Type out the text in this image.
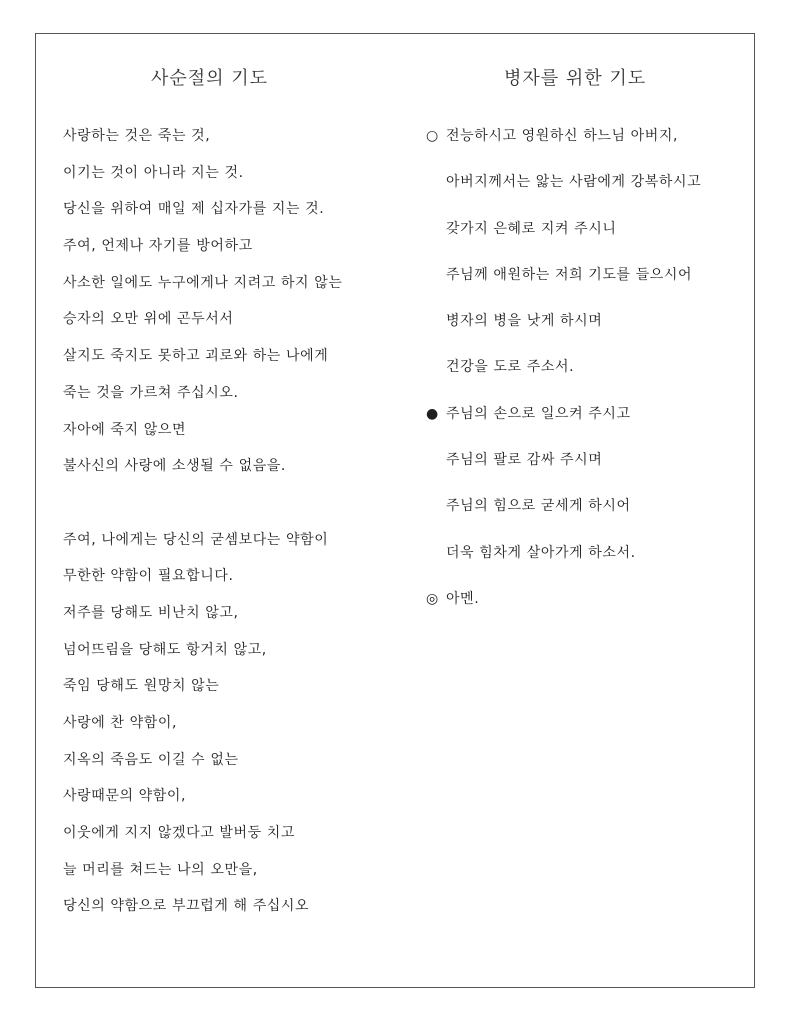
사순절의 기도
사랑하는 것은 죽는 것,
이기는 것이 아니라 지는 것.
당신을 위하여 매일 제 십자가를 지는 것.
주여, 언제나 자기를 방어하고
사소한 일에도 누구에게나 지려고 하지 않는
승자의 오만 위에 곤두서서
살지도 죽지도 못하고 괴로와 하는 나에게
죽는 것을 가르쳐 주십시오.
자아에 죽지 않으면
불사신의 사랑에 소생될 수 없음을.
주여, 나에게는 당신의 굳셈보다는 약함이
무한한 약함이 필요합니다.
저주를 당해도 비난치 않고,
넘어뜨림을 당해도 항거치 않고,
죽임 당해도 원망치 않는
사랑에 찬 약함이,
지옥의 죽음도 이길 수 없는
사랑때문의 약함이,
이웃에게 지지 않겠다고 발버둥 치고
늘 머리를 쳐드는 나의 오만을,
당신의 약함으로 부끄럽게 해 주십시오
병자를 위한 기도
○ 전능하시고 영원하신 하느님 아버지,
아버지께서는 앓는 사람에게 강복하시고
갖가지 은혜로 지켜 주시니
주님께 애원하는 저희 기도를 들으시어
병자의 병을 낫게 하시며
건강을 도로 주소서.
● 주님의 손으로 일으켜 주시고
주님의 팔로 감싸 주시며
주님의 힘으로 굳세게 하시어
더욱 힘차게 살아가게 하소서.
◎ 아멘.
